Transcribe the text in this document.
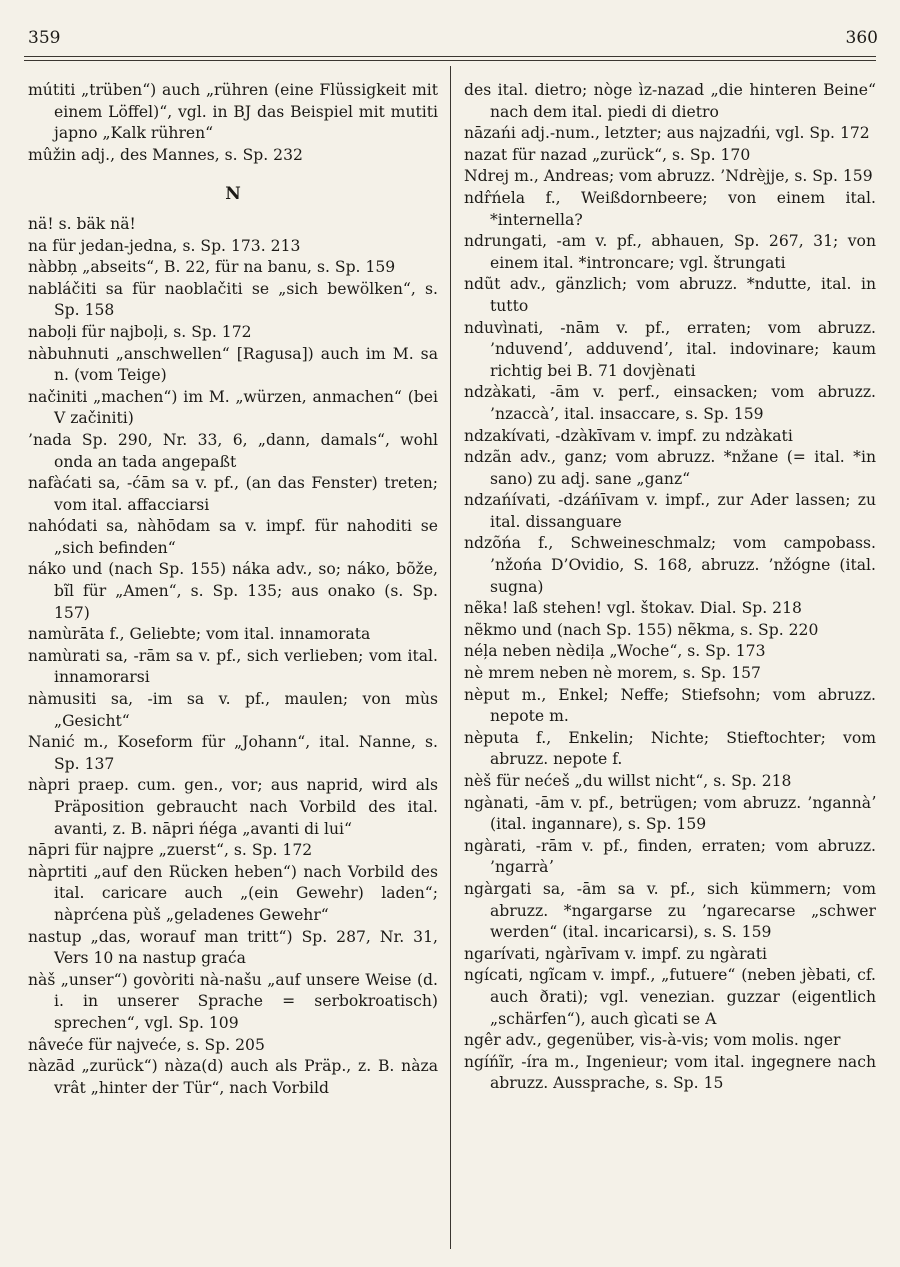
359	360

mútiti „trüben“) auch „rühren (eine Flüssigkeit mit einem Löffel)“, vgl. in BJ das Beispiel mit mutiti japno „Kalk rühren“

mûžin adj., des Mannes, s. Sp. 232

N

nä! s. bäk nä!

na für jedan-jedna, s. Sp. 173. 213

nàbbn̦ „abseits“, B. 22, für na banu, s. Sp. 159

nabláčiti sa für naoblačiti se „sich bewölken“, s. Sp. 158

naboļi für najboļi, s. Sp. 172

nàbuhnuti „anschwellen“ [Ragusa]) auch im M. sa n. (vom Teige)

načiniti „machen“) im M. „würzen, anmachen“ (bei V začiniti)

’nada Sp. 290, Nr. 33, 6, „dann, damals“, wohl onda an tada angepaßt

nafàćati sa, -ćām sa v. pf., (an das Fenster) treten; vom ital. affacciarsi

nahódati sa, nàhōdam sa v. impf. für nahoditi se „sich befinden“

náko und (nach Sp. 155) náka adv., so; náko, bõže, bĩl für „Amen“, s. Sp. 135; aus onako (s. Sp. 157)

namùrāta f., Geliebte; vom ital. innamorata

namùrati sa, -rām sa v. pf., sich verlieben; vom ital. innamorarsi

nàmusiti sa, -im sa v. pf., maulen; von mùs „Gesicht“

Nanić m., Koseform für „Johann“, ital. Nanne, s. Sp. 137

nàpri praep. cum. gen., vor; aus naprid, wird als Präposition gebraucht nach Vorbild des ital. avanti, z. B. nāpri ńéga „avanti di lui“

nāpri für najpre „zuerst“, s. Sp. 172

nàprtiti „auf den Rücken heben“) nach Vorbild des ital. caricare auch „(ein Gewehr) laden“; nàprćena pùš „geladenes Gewehr“

nastup „das, worauf man tritt“) Sp. 287, Nr. 31, Vers 10 na nastup graća

nàš „unser“) govòriti nà-našu „auf unsere Weise (d. i. in unserer Sprache = serbokroatisch) sprechen“, vgl. Sp. 109

nâveće für najveće, s. Sp. 205

nàzād „zurück“) nàza(d) auch als Präp., z. B. nàza vrât „hinter der Tür“, nach Vorbild

des ital. dietro; nòge ìz-nazad „die hinteren Beine“ nach dem ital. piedi di dietro

nāzańi adj.-num., letzter; aus najzadńi, vgl. Sp. 172

nazat für nazad „zurück“, s. Sp. 170

Ndrej m., Andreas; vom abruzz. ’Ndrèjje, s. Sp. 159

ndr̂ńela f., Weißdornbeere; von einem ital. *internella?

ndrungati, -am v. pf., abhauen, Sp. 267, 31; von einem ital. *introncare; vgl. štrungati

ndũt adv., gänzlich; vom abruzz. *ndutte, ital. in tutto

nduvìnati, -nām v. pf., erraten; vom abruzz. ’nduvendʼ, adduvendʼ, ital. indovinare; kaum richtig bei B. 71 dovjènati

ndzàkati, -ām v. perf., einsacken; vom abruzz. ’nzaccàʼ, ital. insaccare, s. Sp. 159

ndzakívati, -dzàkīvam v. impf. zu ndzàkati

ndzãn adv., ganz; vom abruzz. *nžane (= ital. *in sano) zu adj. sane „ganz“

ndzańívati, -dzáńīvam v. impf., zur Ader lassen; zu ital. dissanguare

ndzõńa f., Schweineschmalz; vom campobass. ’nžońa D’Ovidio, S. 168, abruzz. ’nžógne (ital. sugna)

nẽka! laß stehen! vgl. štokav. Dial. Sp. 218

nẽkmo und (nach Sp. 155) nẽkma, s. Sp. 220

néļa neben nèdiļa „Woche“, s. Sp. 173

nè mrem neben nè morem, s. Sp. 157

nèput m., Enkel; Neffe; Stiefsohn; vom abruzz. nepote m.

nèputa f., Enkelin; Nichte; Stieftochter; vom abruzz. nepote f.

nèš für nećeš „du willst nicht“, s. Sp. 218

ngànati, -ām v. pf., betrügen; vom abruzz. ’ngannàʼ (ital. ingannare), s. Sp. 159

ngàrati, -rām v. pf., finden, erraten; vom abruzz. ’ngarràʼ

ngàrgati sa, -ām sa v. pf., sich kümmern; vom abruzz. *ngargarse zu ’ngarecarse „schwer werden“ (ital. incaricarsi), s. S. 159

ngarívati, ngàrīvam v. impf. zu ngàrati

ngícati, ngĩcam v. impf., „futuere“ (neben jèbati, cf. auch ðrati); vgl. venezian. guzzar (eigentlich „schärfen“), auch gìcati se A

ngêr adv., gegenüber, vis-à-vis; vom molis. nger

ngíńĩr, -íra m., Ingenieur; vom ital. ingegnere nach abruzz. Aussprache, s. Sp. 15
